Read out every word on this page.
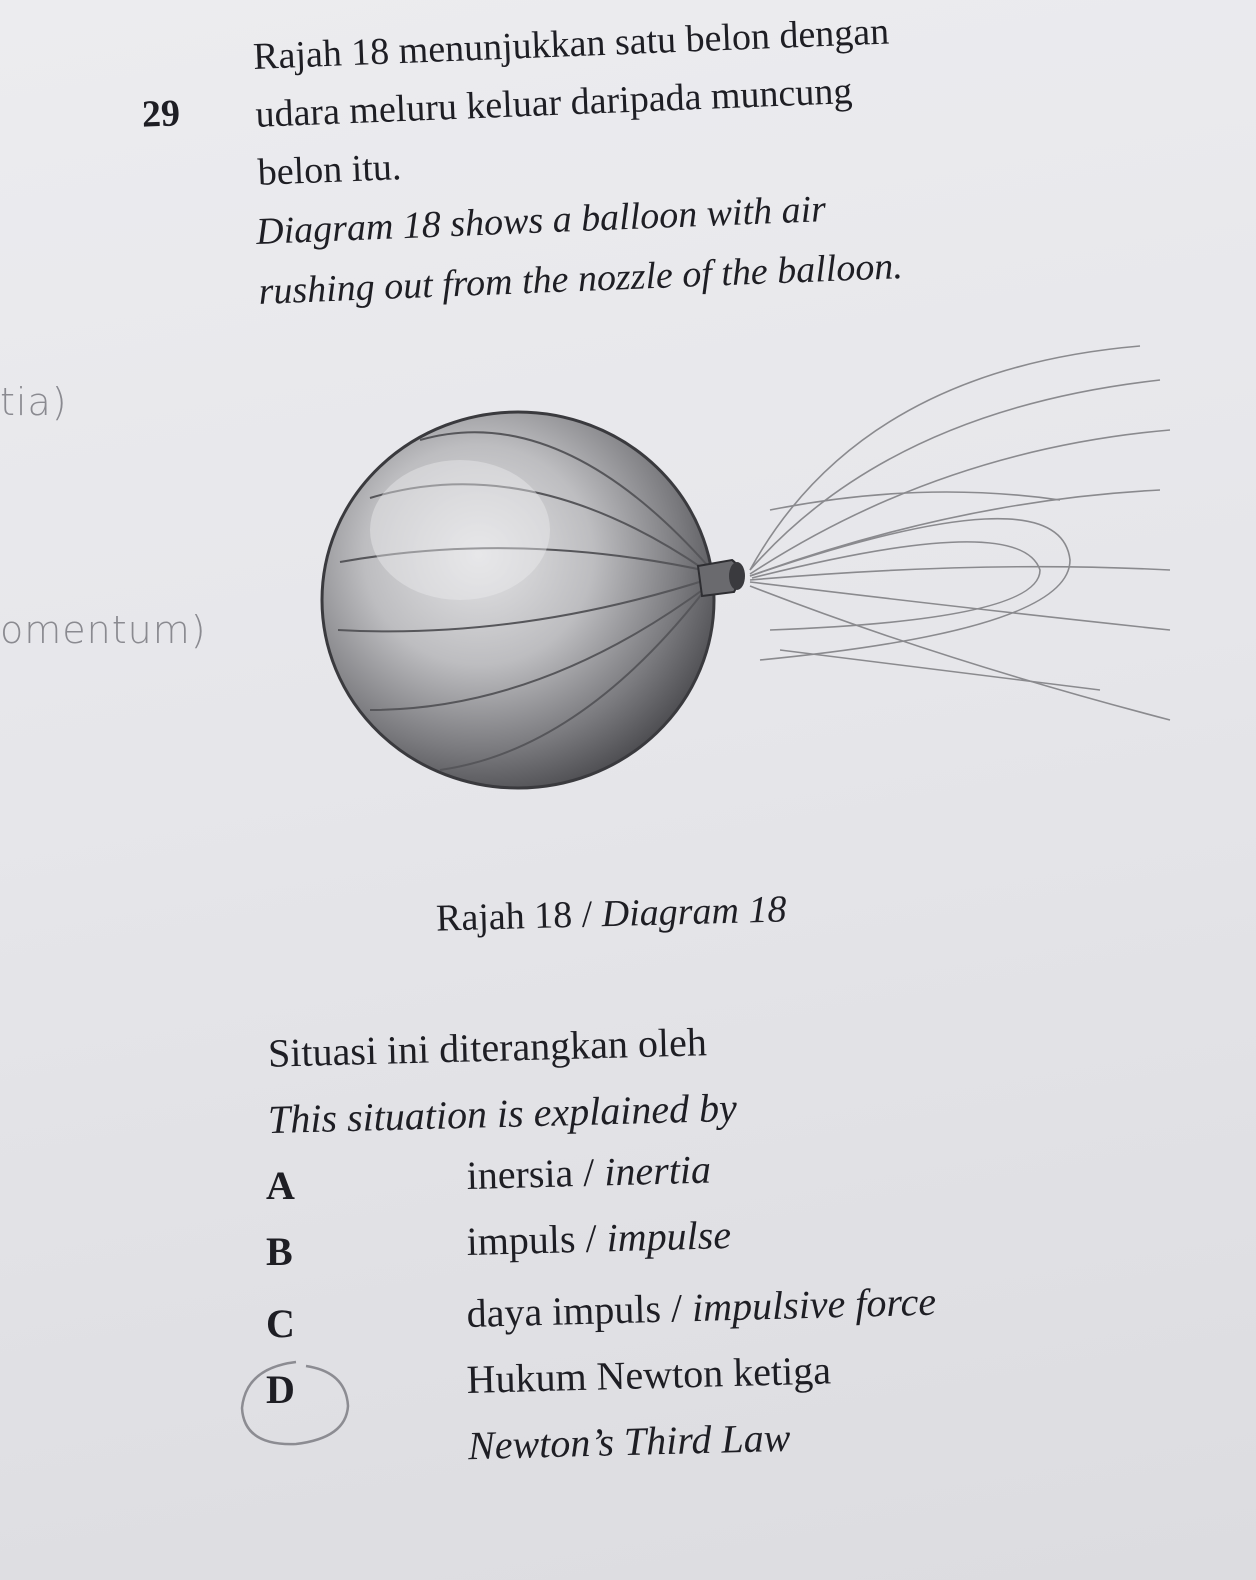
29
Rajah 18 menunjukkan satu belon dengan
udara meluru keluar daripada muncung
belon itu.
Diagram 18 shows a balloon with air
rushing out from the nozzle of the balloon.
tia)
omentum)
Rajah 18 / Diagram 18
Situasi ini diterangkan oleh
This situation is explained by
A	inersia / inertia
B	impuls / impulse
C	daya impuls / impulsive force
D	Hukum Newton ketiga
Newton’s Third Law
